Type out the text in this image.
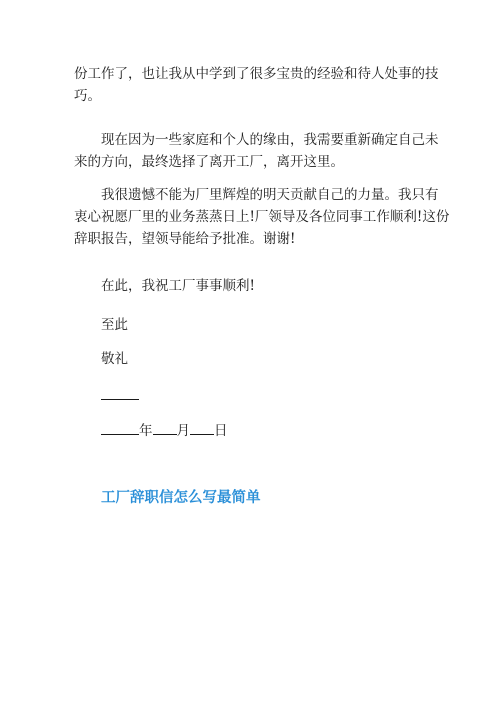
份工作了，也让我从中学到了很多宝贵的经验和待人处事的技
巧。

现在因为一些家庭和个人的缘由，我需要重新确定自己未
来的方向，最终选择了离开工厂，离开这里。

我很遗憾不能为厂里辉煌的明天贡献自己的力量。我只有
衷心祝愿厂里的业务蒸蒸日上!厂领导及各位同事工作顺利!这份
辞职报告，望领导能给予批准。谢谢!

在此，我祝工厂事事顺利!

至此

敬礼

年 月 日

工厂辞职信怎么写最简单
